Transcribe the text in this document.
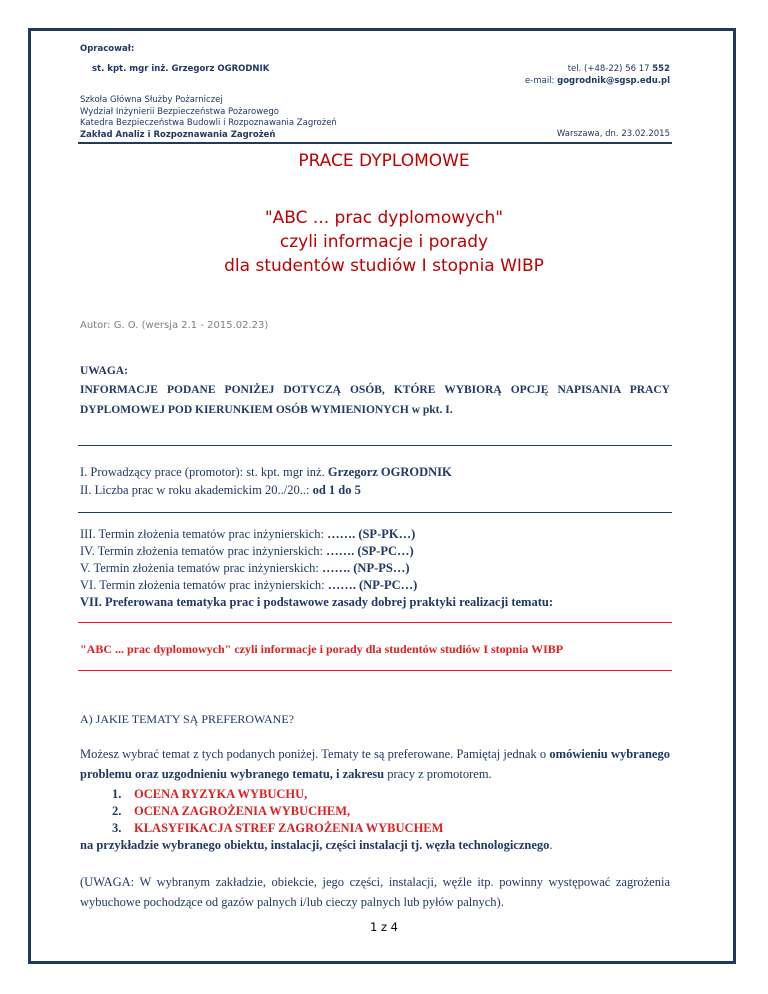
Opracował:
st. kpt. mgr inż. Grzegorz OGRODNIK	tel. (+48-22) 56 17 552
e-mail: gogrodnik@sgsp.edu.pl
Szkoła Główna Służby Pożarniczej
Wydział Inżynierii Bezpieczeństwa Pożarowego
Katedra Bezpieczeństwa Budowli i Rozpoznawania Zagrożeń
Zakład Analiz i Rozpoznawania Zagrożeń	Warszawa, dn. 23.02.2015
PRACE DYPLOMOWE
"ABC ... prac dyplomowych"
czyli informacje i porady
dla studentów studiów I stopnia WIBP
Autor: G. O. (wersja 2.1 - 2015.02.23)
UWAGA:
INFORMACJE PODANE PONIŻEJ DOTYCZĄ OSÓB, KTÓRE WYBIORĄ OPCJĘ NAPISANIA PRACY DYPLOMOWEJ POD KIERUNKIEM OSÓB WYMIENIONYCH w pkt. I.
I. Prowadzący prace (promotor): st. kpt. mgr inż. Grzegorz OGRODNIK
II. Liczba prac w roku akademickim 20../20..: od 1 do 5
III. Termin złożenia tematów prac inżynierskich: ……. (SP-PK…)
IV. Termin złożenia tematów prac inżynierskich: ……. (SP-PC…)
V. Termin złożenia tematów prac inżynierskich: ……. (NP-PS…)
VI. Termin złożenia tematów prac inżynierskich: ……. (NP-PC…)
VII. Preferowana tematyka prac i podstawowe zasady dobrej praktyki realizacji tematu:
"ABC ... prac dyplomowych" czyli informacje i porady dla studentów studiów I stopnia WIBP
A) JAKIE TEMATY SĄ PREFEROWANE?
Możesz wybrać temat z tych podanych poniżej. Tematy te są preferowane. Pamiętaj jednak o omówieniu wybranego problemu oraz uzgodnieniu wybranego tematu, i zakresu pracy z promotorem.
1. OCENA RYZYKA WYBUCHU,
2. OCENA ZAGROŻENIA WYBUCHEM,
3. KLASYFIKACJA STREF ZAGROŻENIA WYBUCHEM
na przykładzie wybranego obiektu, instalacji, części instalacji tj. węzła technologicznego.
(UWAGA: W wybranym zakładzie, obiekcie, jego części, instalacji, węźle itp. powinny występować zagrożenia wybuchowe pochodzące od gazów palnych i/lub cieczy palnych lub pyłów palnych).
1 z 4
